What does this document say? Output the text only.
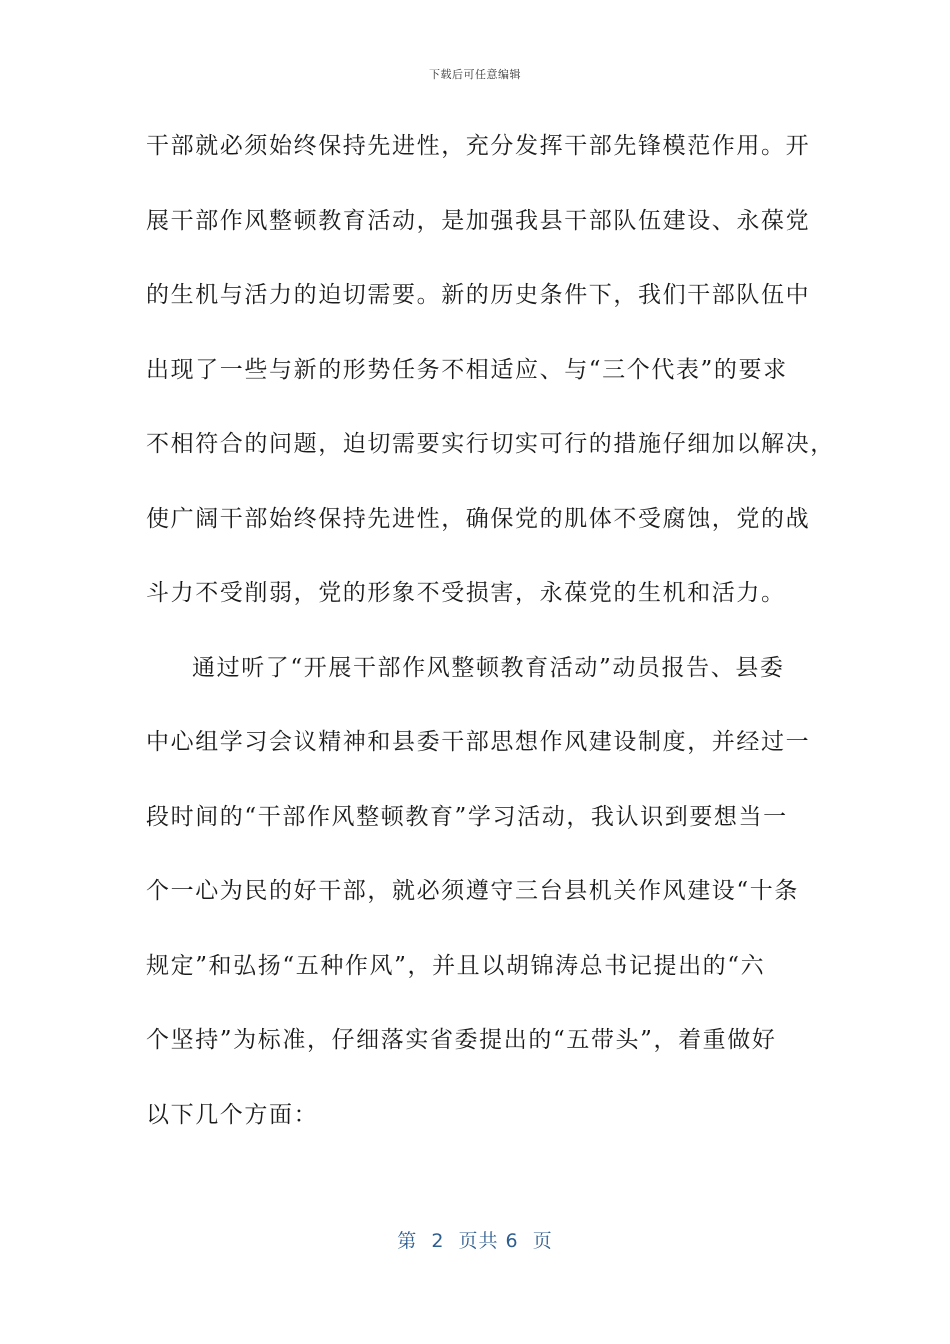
下载后可任意编辑
干部就必须始终保持先进性，充分发挥干部先锋模范作用。开
展干部作风整顿教育活动，是加强我县干部队伍建设、永葆党
的生机与活力的迫切需要。新的历史条件下，我们干部队伍中
出现了一些与新的形势任务不相适应、与“三个代表”的要求
不相符合的问题，迫切需要实行切实可行的措施仔细加以解决，
使广阔干部始终保持先进性，确保党的肌体不受腐蚀，党的战
斗力不受削弱，党的形象不受损害，永葆党的生机和活力。
通过听了“开展干部作风整顿教育活动”动员报告、县委
中心组学习会议精神和县委干部思想作风建设制度，并经过一
段时间的“干部作风整顿教育”学习活动，我认识到要想当一
个一心为民的好干部，就必须遵守三台县机关作风建设“十条
规定”和弘扬“五种作风”，并且以胡锦涛总书记提出的“六
个坚持”为标准，仔细落实省委提出的“五带头”，着重做好
以下几个方面：
第  2  页共 6  页
